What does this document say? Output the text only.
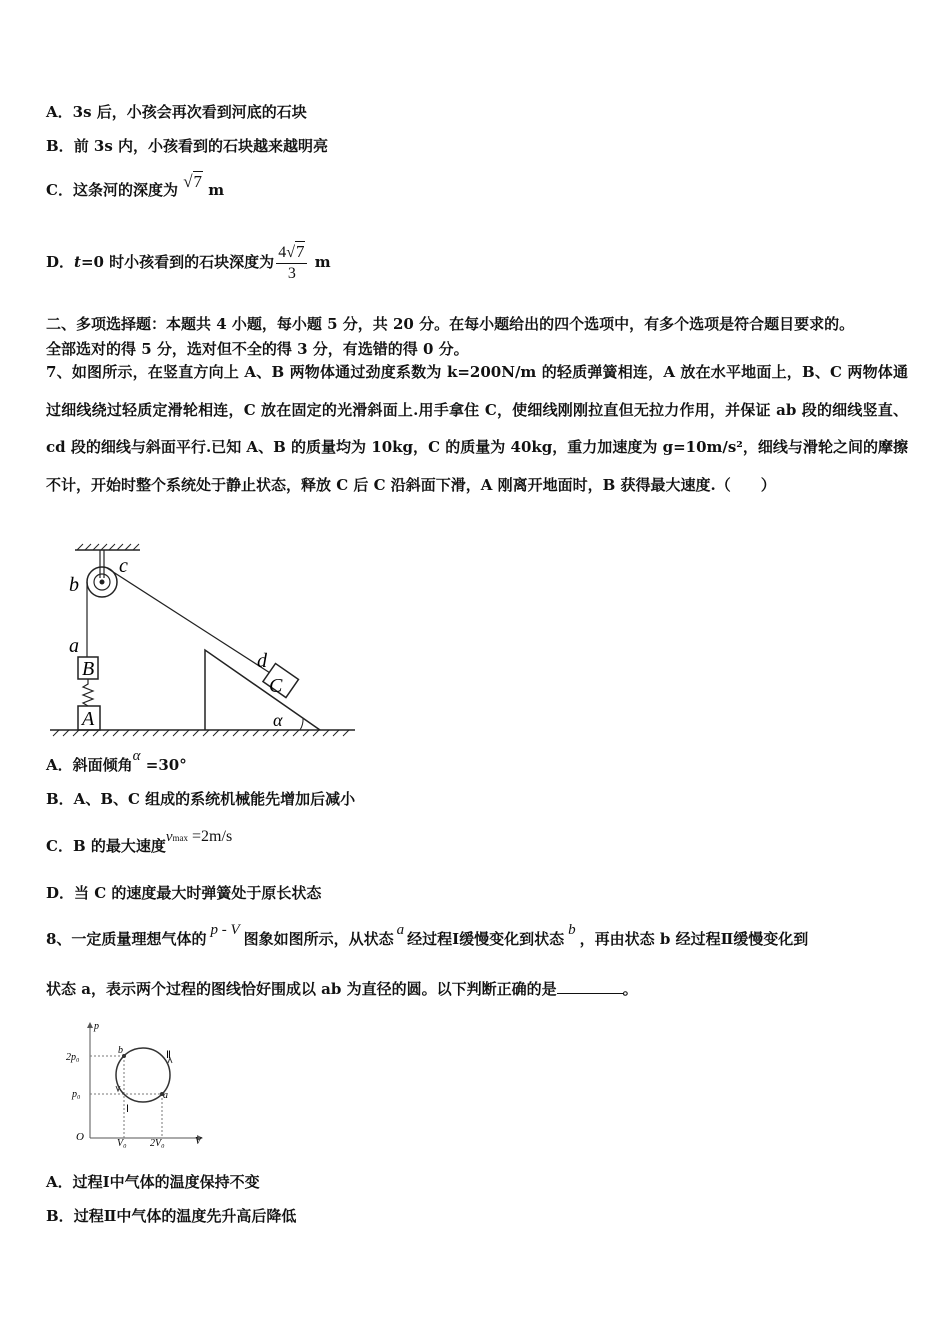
A．3s 后，小孩会再次看到河底的石块
B．前 3s 内，小孩看到的石块越来越明亮
C．这条河的深度为 √7 m
D．t=0 时小孩看到的石块深度为 $\frac{4√7}{3}$ m
二、多项选择题：本题共 4 小题，每小题 5 分，共 20 分。在每小题给出的四个选项中，有多个选项是符合题目要求的。
全部选对的得 5 分，选对但不全的得 3 分，有选错的得 0 分。
7、如图所示，在竖直方向上 A、B 两物体通过劲度系数为 k=200N/m 的轻质弹簧相连，A 放在水平地面上，B、C 两物体通过细线绕过轻质定滑轮相连，C 放在固定的光滑斜面上.用手拿住 C，使细线刚刚拉直但无拉力作用，并保证 ab 段的细线竖直、cd 段的细线与斜面平行.已知 A、B 的质量均为 10kg，C 的质量为 40kg，重力加速度为 g=10m/s²，细线与滑轮之间的摩擦不计，开始时整个系统处于静止状态，释放 C 后 C 沿斜面下滑，A 刚离开地面时，B 获得最大速度.（　　）
b
c
a
B
A
d
C
α
A．斜面倾角α =30°
B．A、B、C 组成的系统机械能先增加后减小
C．B 的最大速度vmax =2m/s
D．当 C 的速度最大时弹簧处于原长状态
8、一定质量理想气体的 p - V 图象如图所示，从状态 a 经过程Ⅰ缓慢变化到状态 b ，再由状态 b 经过程Ⅱ缓慢变化到
状态 a，表示两个过程的图线恰好围成以 ab 为直径的圆。以下判断正确的是	。
p
2p₀
p₀
O
V₀ 2V₀	V
b
a
Ⅰ
Ⅱ
A．过程Ⅰ中气体的温度保持不变
B．过程Ⅱ中气体的温度先升高后降低
